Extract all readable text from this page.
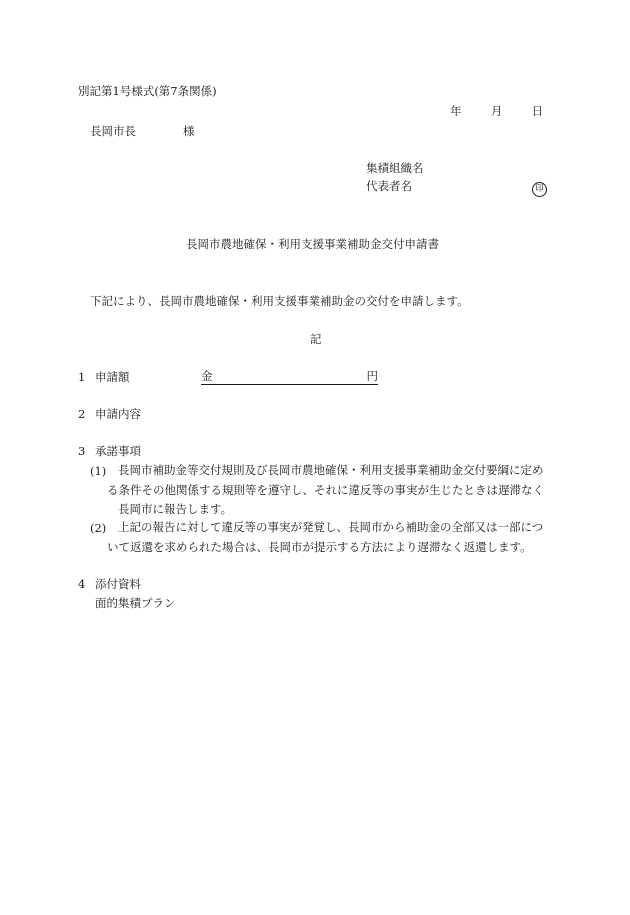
別記第1号様式(第7条関係)
年	月	日
長岡市長	様
集積組織名
代表者名	印
長岡市農地確保・利用支援事業補助金交付申請書
下記により、長岡市農地確保・利用支援事業補助金の交付を申請します。
記
1 申請額	金	円
2 申請内容
3 承諾事項
(1)	長岡市補助金等交付規則及び長岡市農地確保・利用支援事業補助金交付要綱に定め
る条件その他関係する規則等を遵守し、それに違反等の事実が生じたときは遅滞なく
長岡市に報告します。
(2)	上記の報告に対して違反等の事実が発覚し、長岡市から補助金の全部又は一部につ
いて返還を求められた場合は、長岡市が提示する方法により遅滞なく返還します。
4 添付資料
面的集積プラン
